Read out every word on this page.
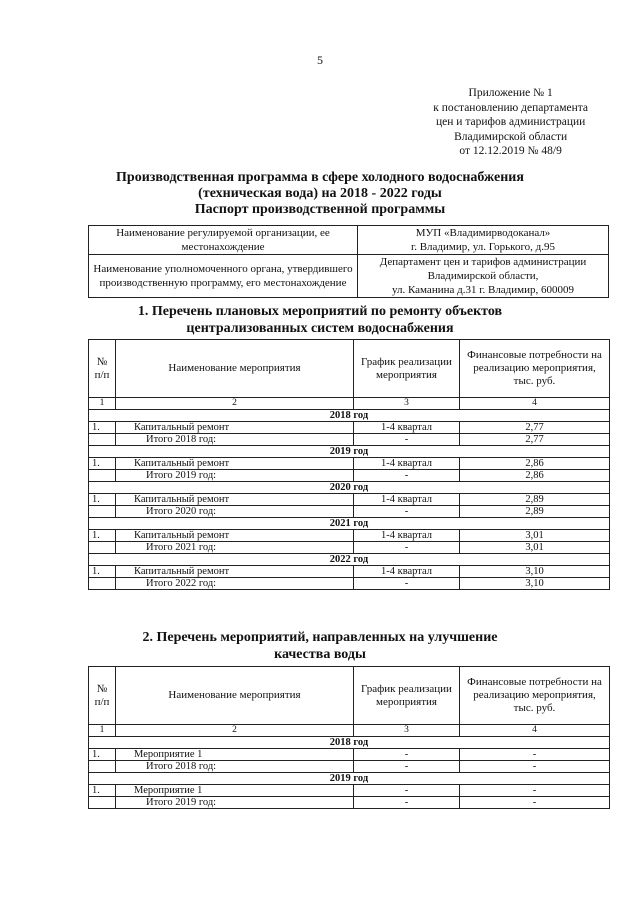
5
Приложение № 1
к постановлению департамента
цен и тарифов администрации
Владимирской области
от 12.12.2019 № 48/9
Производственная программа в сфере холодного водоснабжения
(техническая вода) на 2018 - 2022 годы
Паспорт производственной программы
Наименование регулируемой организации, ее местонахождение	МУП «Владимирводоканал»
г. Владимир, ул. Горького, д.95

Наименование уполномоченного органа, утвердившего производственную программу, его местонахождение	Департамент цен и тарифов администрации
Владимирской области,
ул. Каманина д.31 г. Владимир, 600009
1. Перечень плановых мероприятий по ремонту объектов
централизованных систем водоснабжения
№ п/п	Наименование мероприятия	График реализации мероприятия	Финансовые потребности на реализацию мероприятия, тыс. руб.
1	2	3	4
2018 год			
1.	Капитальный ремонт	1-4 квартал	2,77
	Итого 2018 год:	-	2,77
2019 год			
1.	Капитальный ремонт	1-4 квартал	2,86
	Итого 2019 год:	-	2,86
2020 год			
1.	Капитальный ремонт	1-4 квартал	2,89
	Итого 2020 год:	-	2,89
2021 год			
1.	Капитальный ремонт	1-4 квартал	3,01
	Итого 2021 год:	-	3,01
2022 год			
1.	Капитальный ремонт	1-4 квартал	3,10
	Итого 2022 год:	-	3,10
2. Перечень мероприятий, направленных на улучшение
качества воды
№ п/п	Наименование мероприятия	График реализации мероприятия	Финансовые потребности на реализацию мероприятия, тыс. руб.
1	2	3	4
2018 год			
1.	Мероприятие 1	-	-
	Итого 2018 год:	-	-
2019 год			
1.	Мероприятие 1	-	-
	Итого 2019 год:	-	-
